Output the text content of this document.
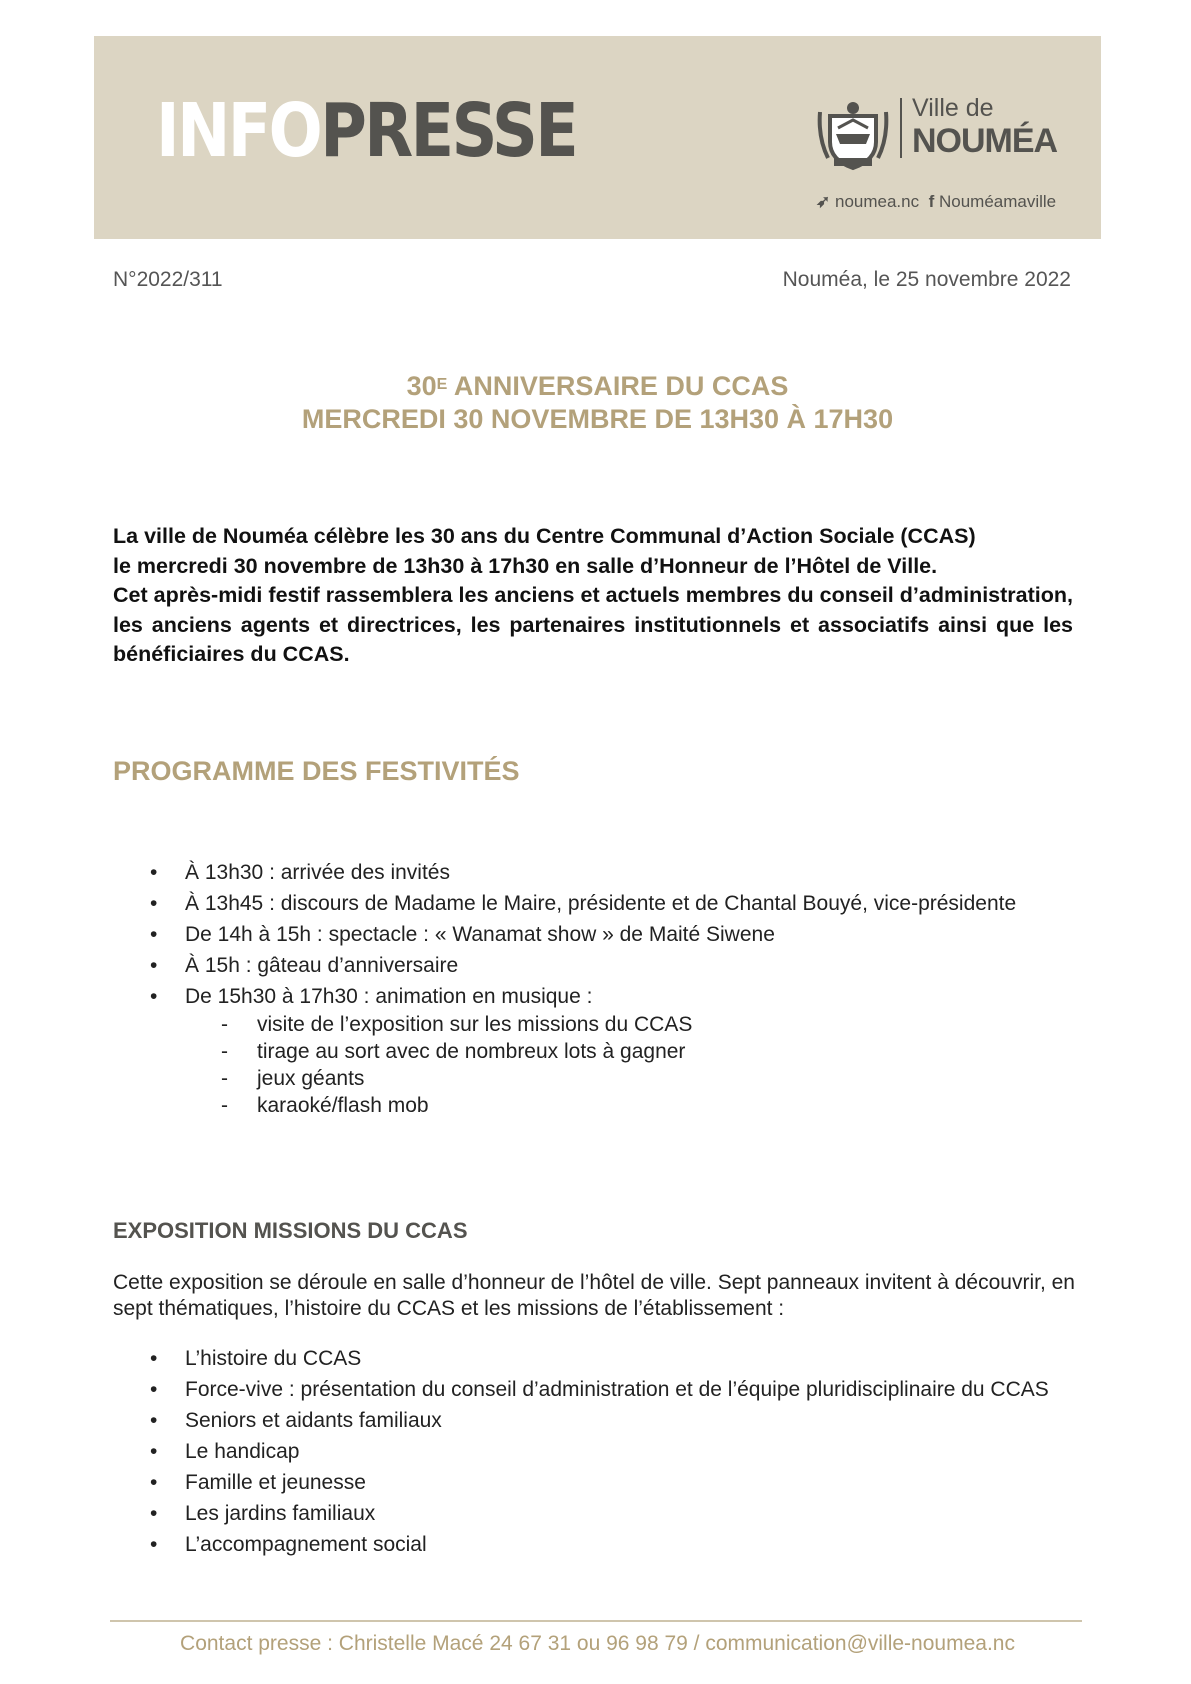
INFOPRESSE	Ville de
NOUMÉA
➶ noumea.nc  f Nouméamaville
N°2022/311	Nouméa, le 25 novembre 2022
$30^E$ ANNIVERSAIRE DU CCAS
MERCREDI 30 NOVEMBRE DE 13H30 À 17H30
La ville de Nouméa célèbre les 30 ans du Centre Communal d’Action Sociale (CCAS)
le mercredi 30 novembre de 13h30 à 17h30 en salle d’Honneur de l’Hôtel de Ville.
Cet après-midi festif rassemblera les anciens et actuels membres du conseil d’administration, les anciens agents et directrices, les partenaires institutionnels et associatifs ainsi que les bénéficiaires du CCAS.
PROGRAMME DES FESTIVITÉS
• À 13h30 : arrivée des invités
• À 13h45 : discours de Madame le Maire, présidente et de Chantal Bouyé, vice-présidente
• De 14h à 15h : spectacle : « Wanamat show » de Maité Siwene
• À 15h : gâteau d’anniversaire
• De 15h30 à 17h30 : animation en musique :
- visite de l’exposition sur les missions du CCAS
- tirage au sort avec de nombreux lots à gagner
- jeux géants
- karaoké/flash mob
EXPOSITION MISSIONS DU CCAS

Cette exposition se déroule en salle d’honneur de l’hôtel de ville. Sept panneaux invitent à découvrir, en sept thématiques, l’histoire du CCAS et les missions de l’établissement :

• L’histoire du CCAS
• Force-vive : présentation du conseil d’administration et de l’équipe pluridisciplinaire du CCAS
• Seniors et aidants familiaux
• Le handicap
• Famille et jeunesse
• Les jardins familiaux
• L’accompagnement social

Contact presse : Christelle Macé 24 67 31 ou 96 98 79 / communication@ville-noumea.nc
